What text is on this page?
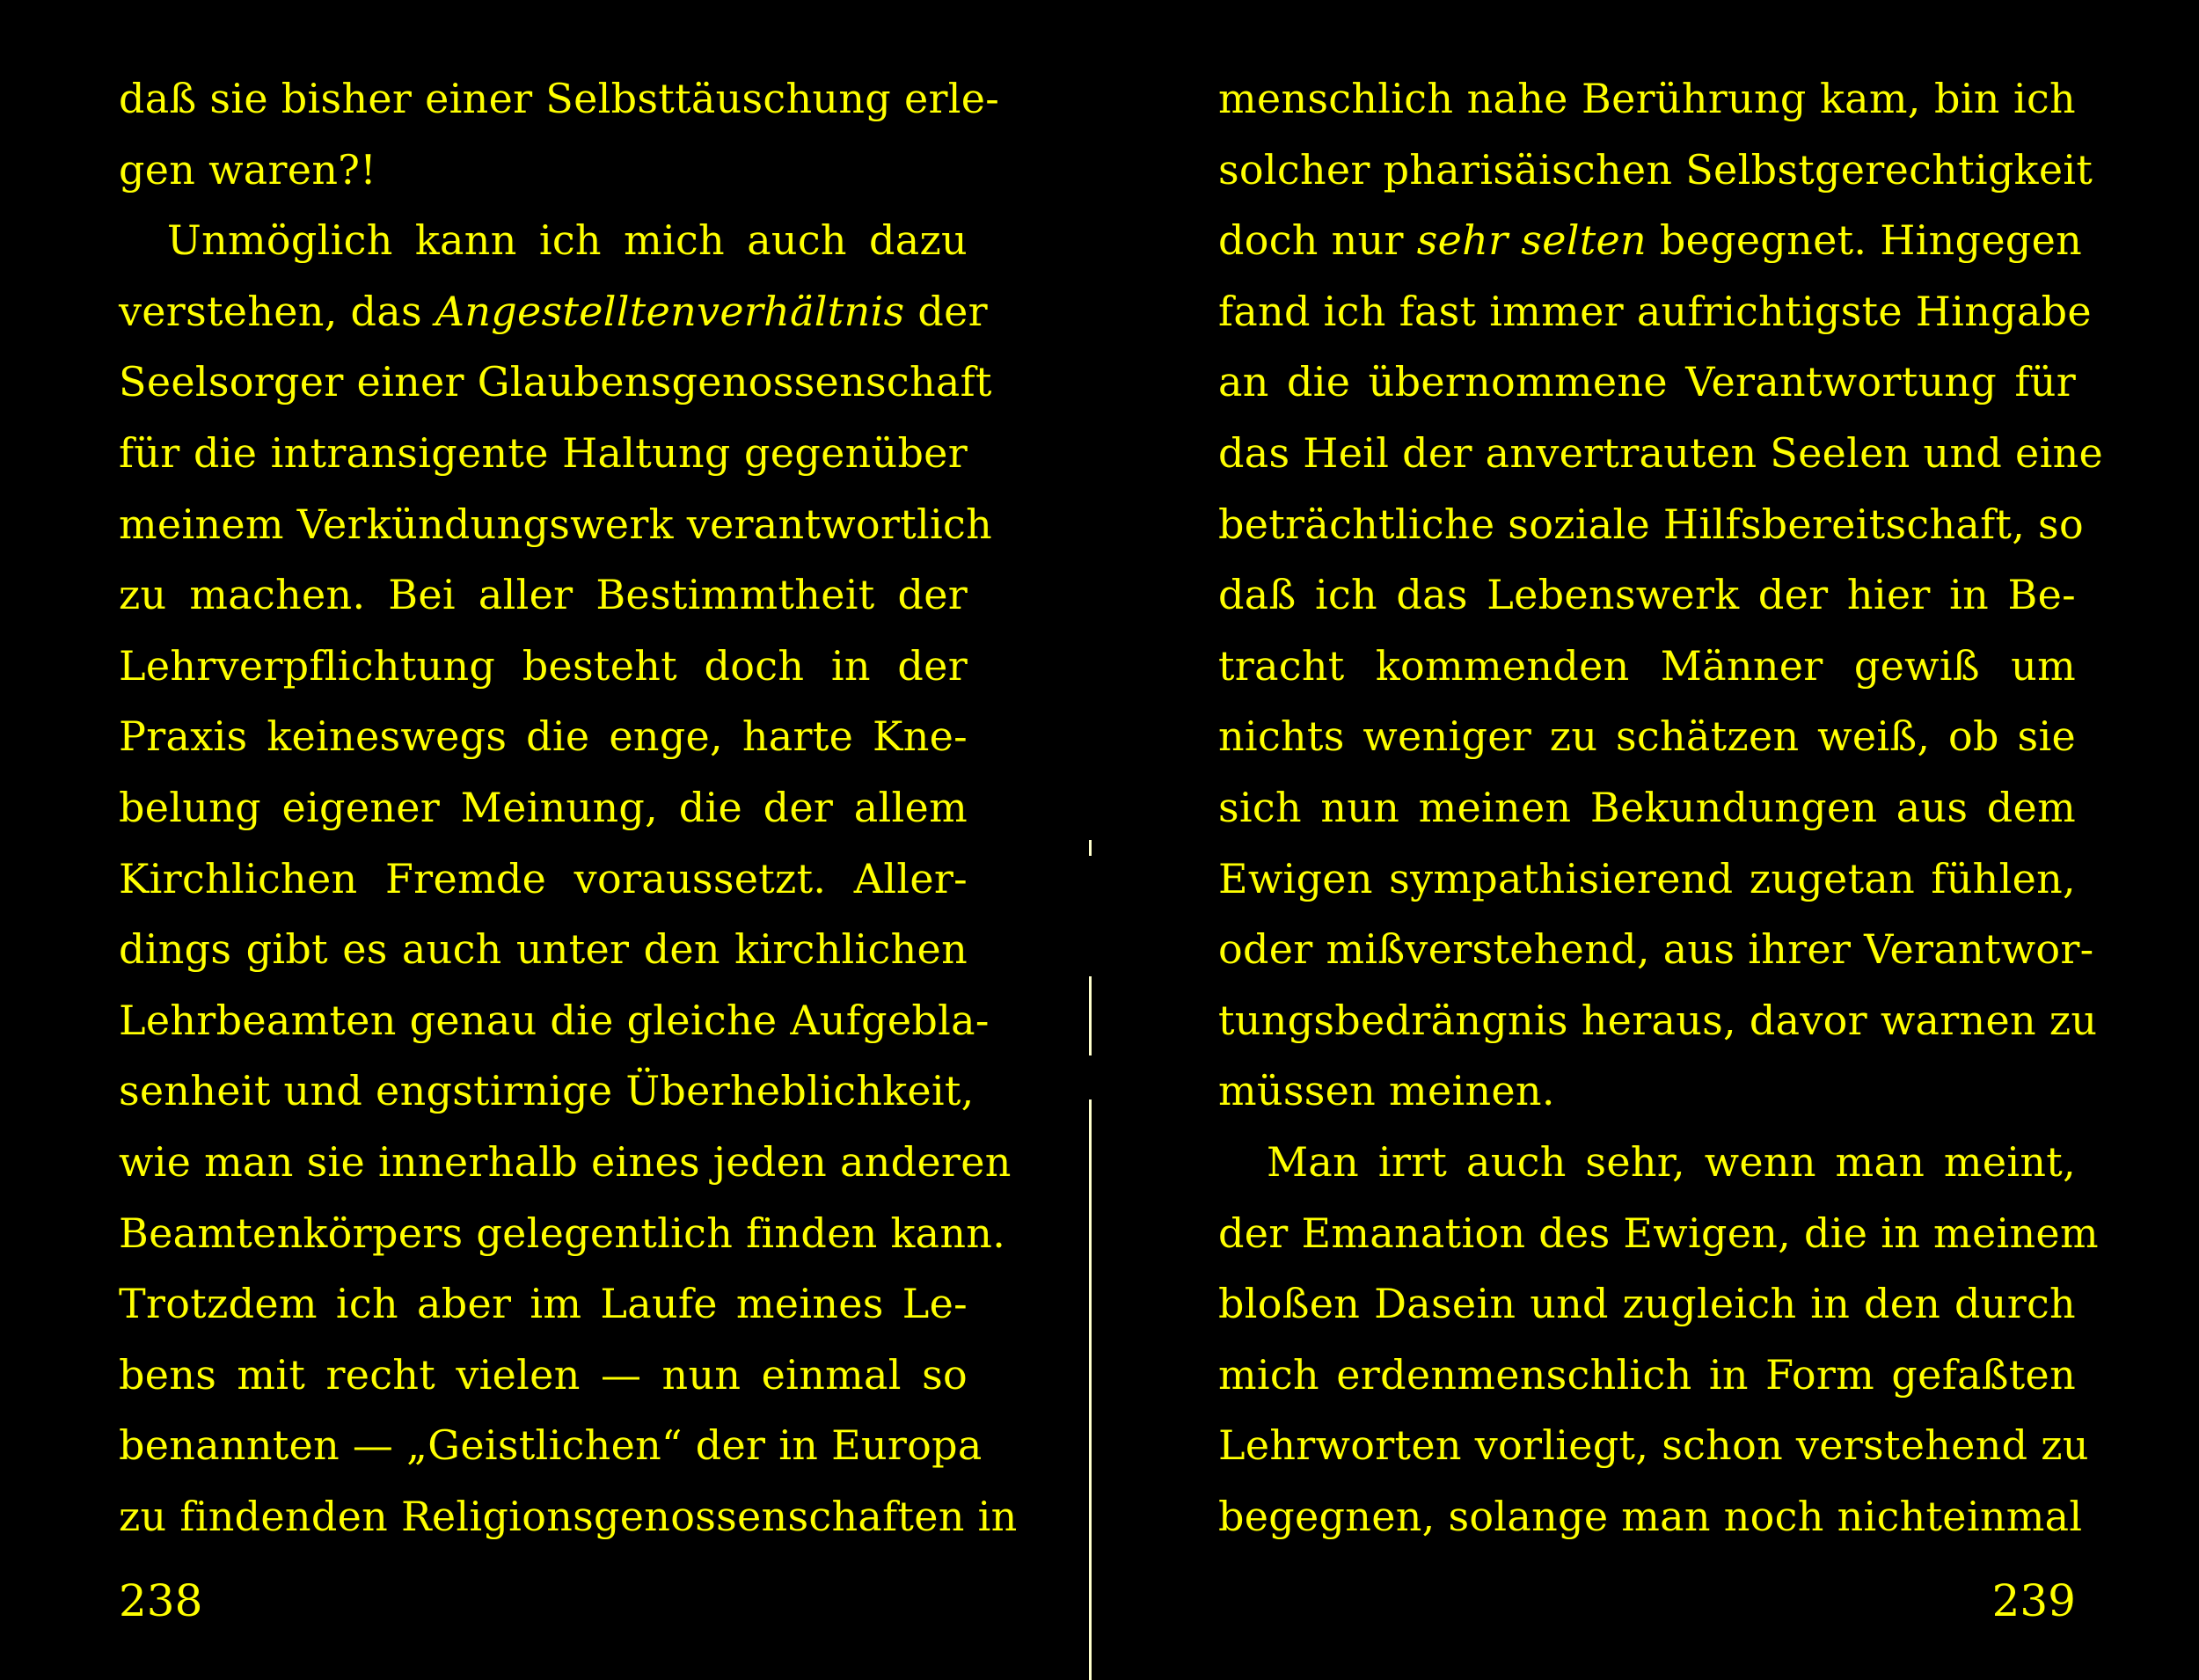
daß sie bisher einer Selbsttäuschung erle-
gen waren?!
Unmöglich kann ich mich auch dazu
verstehen, das Angestelltenverhältnis der
Seelsorger einer Glaubensgenossenschaft
für die intransigente Haltung gegenüber
meinem Verkündungswerk verantwortlich
zu machen. Bei aller Bestimmtheit der
Lehrverpflichtung besteht doch in der
Praxis keineswegs die enge, harte Kne-
belung eigener Meinung, die der allem
Kirchlichen Fremde voraussetzt. Aller-
dings gibt es auch unter den kirchlichen
Lehrbeamten genau die gleiche Aufgebla-
senheit und engstirnige Überheblichkeit,
wie man sie innerhalb eines jeden anderen
Beamtenkörpers gelegentlich finden kann.
Trotzdem ich aber im Laufe meines Le-
bens mit recht vielen — nun einmal so
benannten — „Geistlichen“ der in Europa
zu findenden Religionsgenossenschaften in
238
menschlich nahe Berührung kam, bin ich
solcher pharisäischen Selbstgerechtigkeit
doch nur sehr selten begegnet. Hingegen
fand ich fast immer aufrichtigste Hingabe
an die übernommene Verantwortung für
das Heil der anvertrauten Seelen und eine
beträchtliche soziale Hilfsbereitschaft, so
daß ich das Lebenswerk der hier in Be-
tracht kommenden Männer gewiß um
nichts weniger zu schätzen weiß, ob sie
sich nun meinen Bekundungen aus dem
Ewigen sympathisierend zugetan fühlen,
oder mißverstehend, aus ihrer Verantwor-
tungsbedrängnis heraus, davor warnen zu
müssen meinen.
Man irrt auch sehr, wenn man meint,
der Emanation des Ewigen, die in meinem
bloßen Dasein und zugleich in den durch
mich erdenmenschlich in Form gefaßten
Lehrworten vorliegt, schon verstehend zu
begegnen, solange man noch nichteinmal
239
